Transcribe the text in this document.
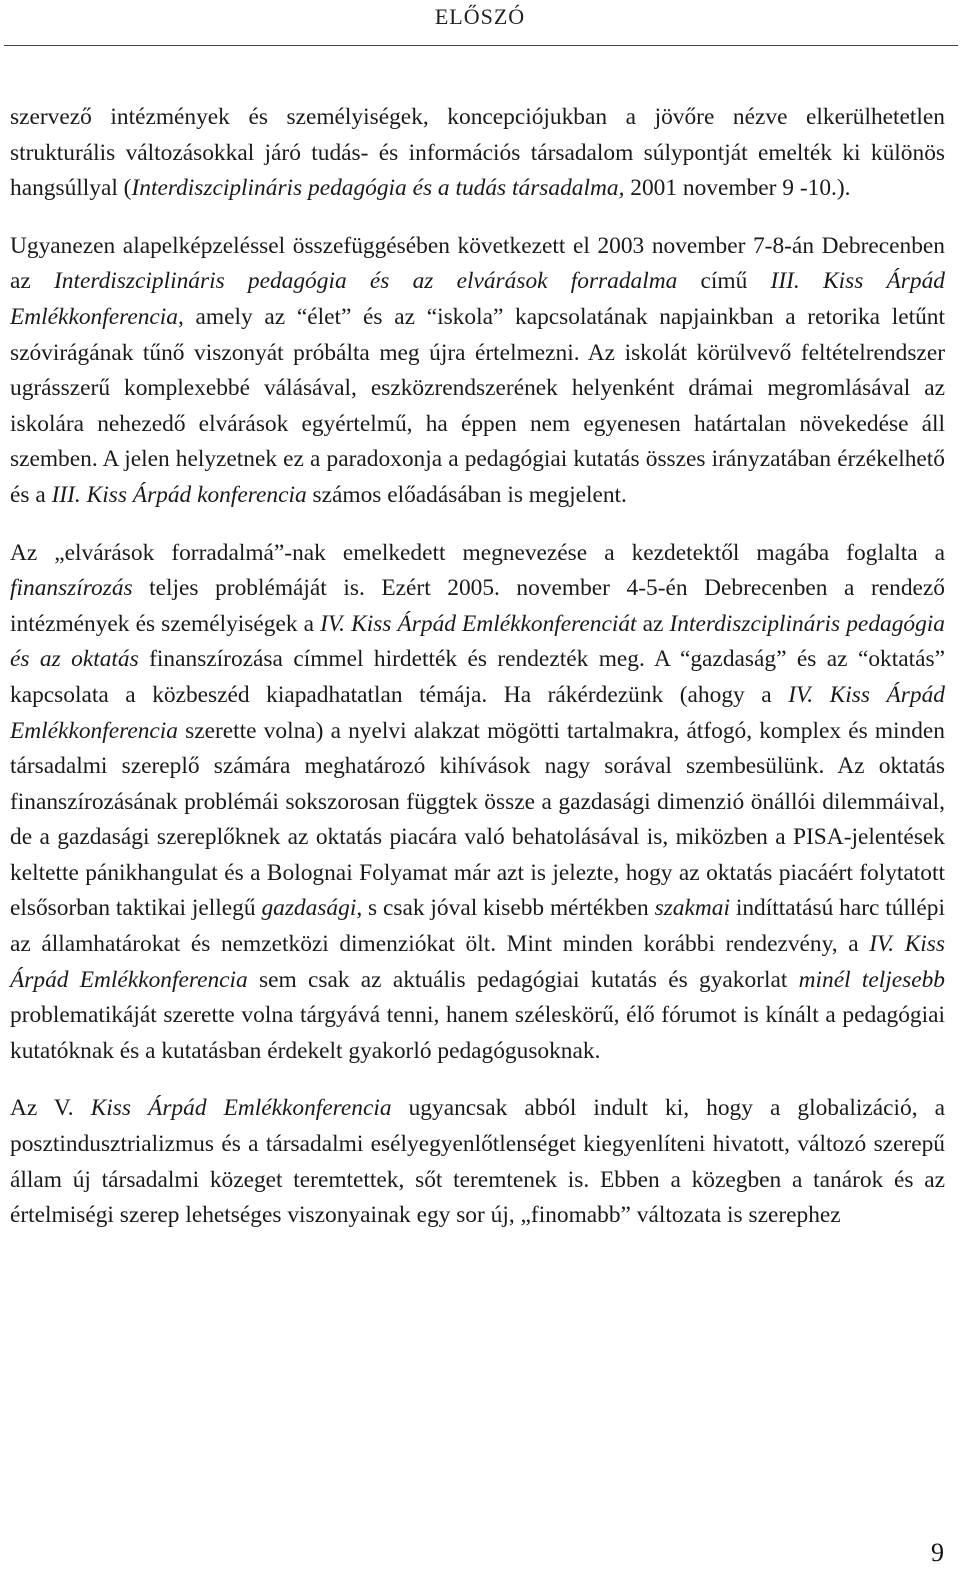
ELŐSZÓ

szervező intézmények és személyiségek, koncepciójukban a jövőre nézve elkerülhetetlen strukturális változásokkal járó tudás- és információs társadalom súlypontját emelték ki különös hangsúllyal (Interdiszciplináris pedagógia és a tudás társadalma, 2001 november 9 -10.).

Ugyanezen alapelképzeléssel összefüggésében következett el 2003 november 7-8-án Debrecenben az Interdiszciplináris pedagógia és az elvárások forradalma című III. Kiss Árpád Emlékkonferencia, amely az “élet” és az “iskola” kapcsolatának napjainkban a retorika letűnt szóvirágának tűnő viszonyát próbálta meg újra értelmezni. Az iskolát körülvevő feltételrendszer ugrásszerű komplexebbé válásával, eszközrendszerének helyenként drámai megromlásával az iskolára nehezedő elvárások egyértelmű, ha éppen nem egyenesen határtalan növekedése áll szemben. A jelen helyzetnek ez a paradoxonja a pedagógiai kutatás összes irányzatában érzékelhető és a III. Kiss Árpád konferencia számos előadásában is megjelent.

Az „elvárások forradalmá”-nak emelkedett megnevezése a kezdetektől magába foglalta a finanszírozás teljes problémáját is. Ezért 2005. november 4-5-én Debrecenben a rendező intézmények és személyiségek a IV. Kiss Árpád Emlékkonferenciát az Interdiszciplináris pedagógia és az oktatás finanszírozása címmel hirdették és rendezték meg. A “gazdaság” és az “oktatás” kapcsolata a közbeszéd kiapadhatatlan témája. Ha rákérdezünk (ahogy a IV. Kiss Árpád Emlékkonferencia szerette volna) a nyelvi alakzat mögötti tartalmakra, átfogó, komplex és minden társadalmi szereplő számára meghatározó kihívások nagy sorával szembesülünk. Az oktatás finanszírozásának problémái sokszorosan függtek össze a gazdasági dimenzió önállói dilemmáival, de a gazdasági szereplőknek az oktatás piacára való behatolásával is, miközben a PISA-jelentések keltette pánikhangulat és a Bolognai Folyamat már azt is jelezte, hogy az oktatás piacáért folytatott elsősorban taktikai jellegű gazdasági, s csak jóval kisebb mértékben szakmai indíttatású harc túllépi az államhatárokat és nemzetközi dimenziókat ölt. Mint minden korábbi rendezvény, a IV. Kiss Árpád Emlékkonferencia sem csak az aktuális pedagógiai kutatás és gyakorlat minél teljesebb problematikáját szerette volna tárgyává tenni, hanem széleskörű, élő fórumot is kínált a pedagógiai kutatóknak és a kutatásban érdekelt gyakorló pedagógusoknak.

Az V. Kiss Árpád Emlékkonferencia ugyancsak abból indult ki, hogy a globalizáció, a posztindusztrializmus és a társadalmi esélyegyenlőtlenséget kiegyenlíteni hivatott, változó szerepű állam új társadalmi közeget teremtettek, sőt teremtenek is. Ebben a közegben a tanárok és az értelmiségi szerep lehetséges viszonyainak egy sor új, „finomabb” változata is szerephez

9
